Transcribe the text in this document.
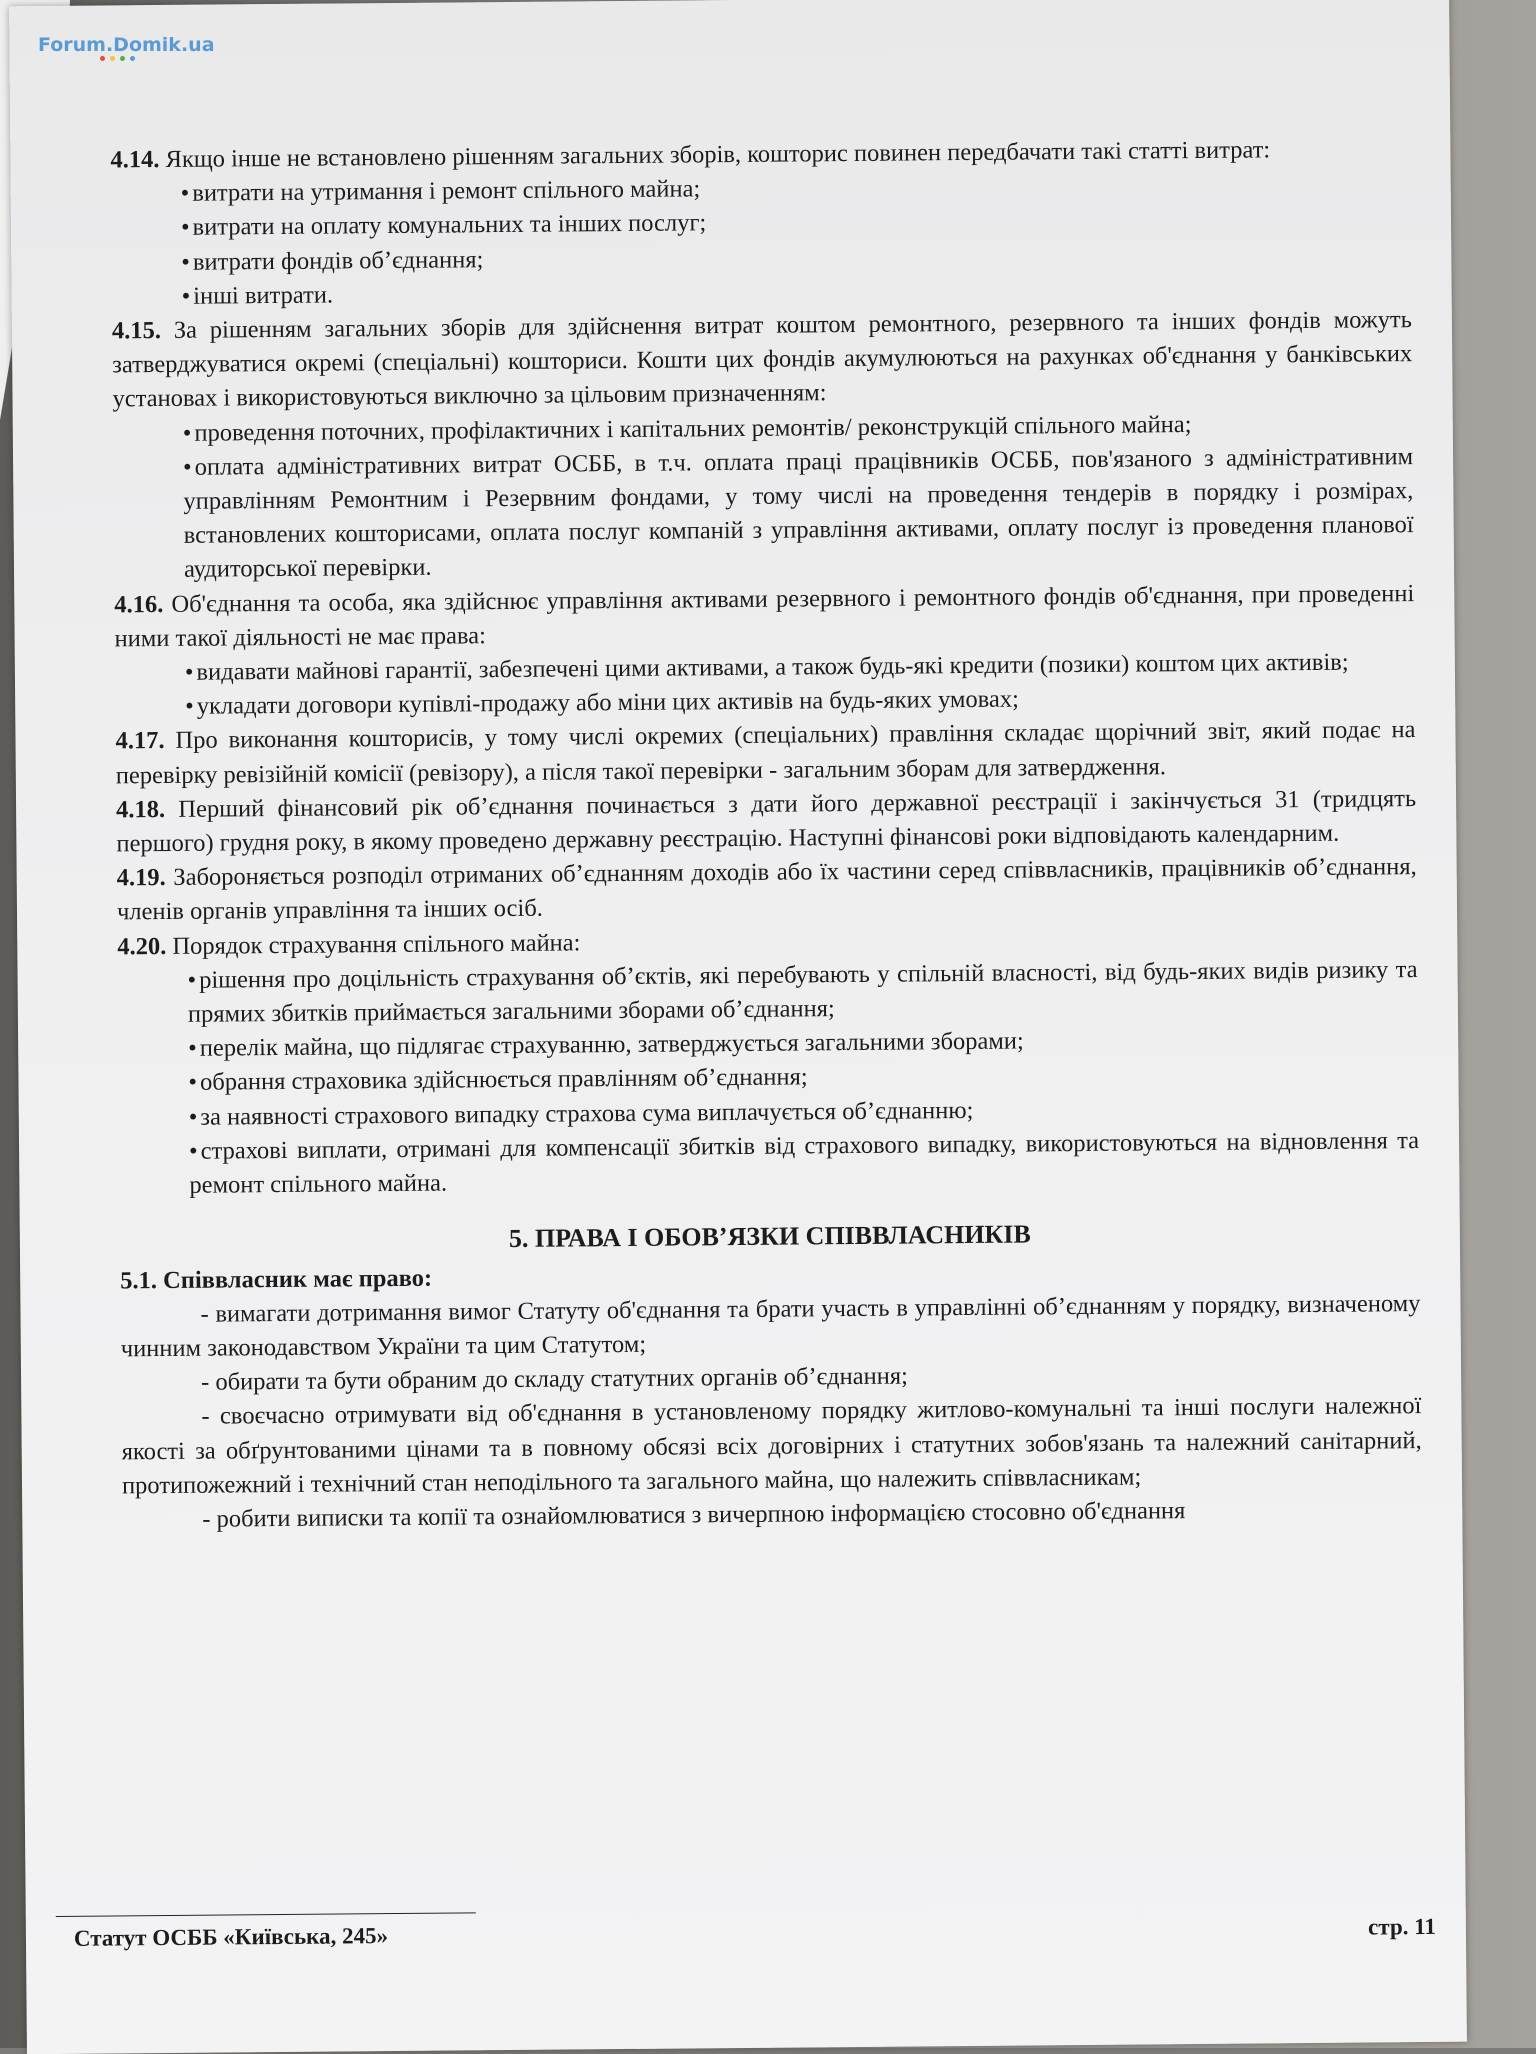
4.14. Якщо інше не встановлено рішенням загальних зборів, кошторис повинен передбачати такі статті витрат:

• витрати на утримання і ремонт спільного майна;

• витрати на оплату комунальних та інших послуг;

• витрати фондів об’єднання;

• інші витрати.

4.15. За рішенням загальних зборів для здійснення витрат коштом ремонтного, резервного та інших фондів можуть затверджуватися окремі (спеціальні) кошториси. Кошти цих фондів акумулюються на рахунках об'єднання у банківських установах і використовуються виключно за цільовим призначенням:

• проведення поточних, профілактичних і капітальних ремонтів/ реконструкцій спільного майна;

• оплата адміністративних витрат ОСББ, в т.ч. оплата праці працівників ОСББ, пов'язаного з адміністративним управлінням Ремонтним і Резервним фондами, у тому числі на проведення тендерів в порядку і розмірах, встановлених кошторисами, оплата послуг компаній з управління активами, оплату послуг із проведення планової аудиторської перевірки.

4.16. Об'єднання та особа, яка здійснює управління активами резервного і ремонтного фондів об'єднання, при проведенні ними такої діяльності не має права:

• видавати майнові гарантії, забезпечені цими активами, а також будь-які кредити (позики) коштом цих активів;

• укладати договори купівлі-продажу або міни цих активів на будь-яких умовах;

4.17. Про виконання кошторисів, у тому числі окремих (спеціальних) правління складає щорічний звіт, який подає на перевірку ревізійній комісії (ревізору), а після такої перевірки - загальним зборам для затвердження.

4.18. Перший фінансовий рік об’єднання починається з дати його державної реєстрації і закінчується 31 (тридцять першого) грудня року, в якому проведено державну реєстрацію. Наступні фінансові роки відповідають календарним.

4.19. Забороняється розподіл отриманих об’єднанням доходів або їх частини серед співвласників, працівників об’єднання, членів органів управління та інших осіб.

4.20. Порядок страхування спільного майна:

• рішення про доцільність страхування об’єктів, які перебувають у спільній власності, від будь-яких видів ризику та прямих збитків приймається загальними зборами об’єднання;

• перелік майна, що підлягає страхуванню, затверджується загальними зборами;

• обрання страховика здійснюється правлінням об’єднання;

• за наявності страхового випадку страхова сума виплачується об’єднанню;

• страхові виплати, отримані для компенсації збитків від страхового випадку, використовуються на відновлення та ремонт спільного майна.

5. ПРАВА І ОБОВ’ЯЗКИ СПІВВЛАСНИКІВ

5.1. Співвласник має право:

- вимагати дотримання вимог Статуту об'єднання та брати участь в управлінні об’єднанням у порядку, визначеному чинним законодавством України та цим Статутом;

- обирати та бути обраним до складу статутних органів об’єднання;

- своєчасно отримувати від об'єднання в установленому порядку житлово-комунальні та інші послуги належної якості за обґрунтованими цінами та в повному обсязі всіх договірних і статутних зобов'язань та належний санітарний, протипожежний і технічний стан неподільного та загального майна, що належить співвласникам;

- робити виписки та копії та ознайомлюватися з вичерпною інформацією стосовно об'єднання

Статут ОСББ «Київська, 245»	стр. 11
Forum.Domik.ua
